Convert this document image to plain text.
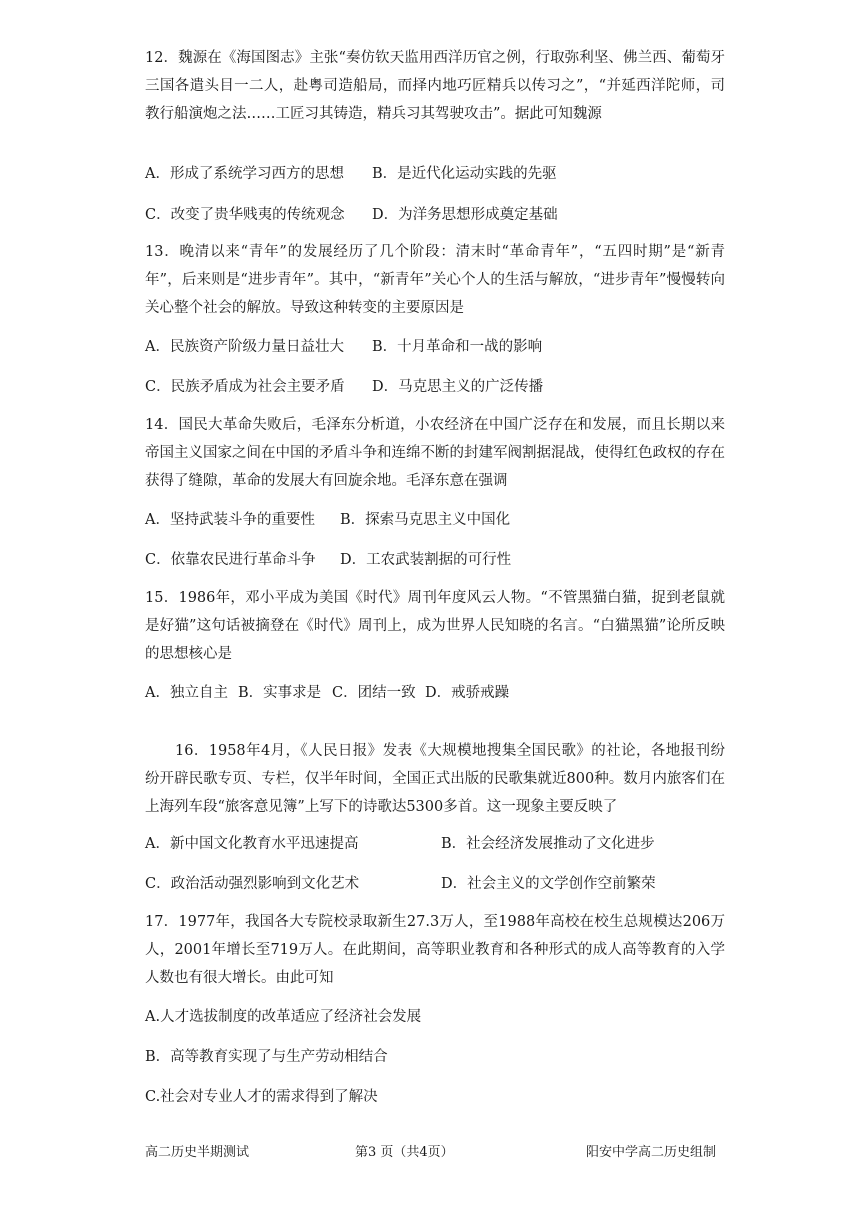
12．魏源在《海国图志》主张“奏仿钦天监用西洋历官之例，行取弥利坚、佛兰西、葡萄牙三国各遣头目一二人，赴粤司造船局，而择内地巧匠精兵以传习之”，“并延西洋陀师，司教行船演炮之法……工匠习其铸造，精兵习其驾驶攻击”。据此可知魏源
A．形成了系统学习西方的思想 B．是近代化运动实践的先驱
C．改变了贵华贱夷的传统观念 D．为洋务思想形成奠定基础
13．晚清以来“青年”的发展经历了几个阶段：清末时“革命青年”，“五四时期”是“新青年”，后来则是“进步青年”。其中，“新青年”关心个人的生活与解放，“进步青年”慢慢转向关心整个社会的解放。导致这种转变的主要原因是
A．民族资产阶级力量日益壮大 B．十月革命和一战的影响
C．民族矛盾成为社会主要矛盾 D．马克思主义的广泛传播
14．国民大革命失败后，毛泽东分析道，小农经济在中国广泛存在和发展，而且长期以来帝国主义国家之间在中国的矛盾斗争和连绵不断的封建军阀割据混战，使得红色政权的存在获得了缝隙，革命的发展大有回旋余地。毛泽东意在强调
A．坚持武装斗争的重要性 B．探索马克思主义中国化
C．依靠农民进行革命斗争 D．工农武装割据的可行性
15．1986年，邓小平成为美国《时代》周刊年度风云人物。“不管黑猫白猫，捉到老鼠就是好猫”这句话被摘登在《时代》周刊上，成为世界人民知晓的名言。“白猫黑猫”论所反映的思想核心是
A．独立自主 B．实事求是 C．团结一致 D．戒骄戒躁
16．1958年4月，《人民日报》发表《大规模地搜集全国民歌》的社论，各地报刊纷纷开辟民歌专页、专栏，仅半年时间，全国正式出版的民歌集就近800种。数月内旅客们在上海列车段“旅客意见簿”上写下的诗歌达5300多首。这一现象主要反映了
A．新中国文化教育水平迅速提高	B．社会经济发展推动了文化进步
C．政治活动强烈影响到文化艺术	D．社会主义的文学创作空前繁荣
17．1977年，我国各大专院校录取新生27.3万人，至1988年高校在校生总规模达206万人，2001年增长至719万人。在此期间，高等职业教育和各种形式的成人高等教育的入学人数也有很大增长。由此可知
A.人才选拔制度的改革适应了经济社会发展
B．高等教育实现了与生产劳动相结合
C.社会对专业人才的需求得到了解决
高二历史半期测试	第3 页（共4页）	阳安中学高二历史组制
